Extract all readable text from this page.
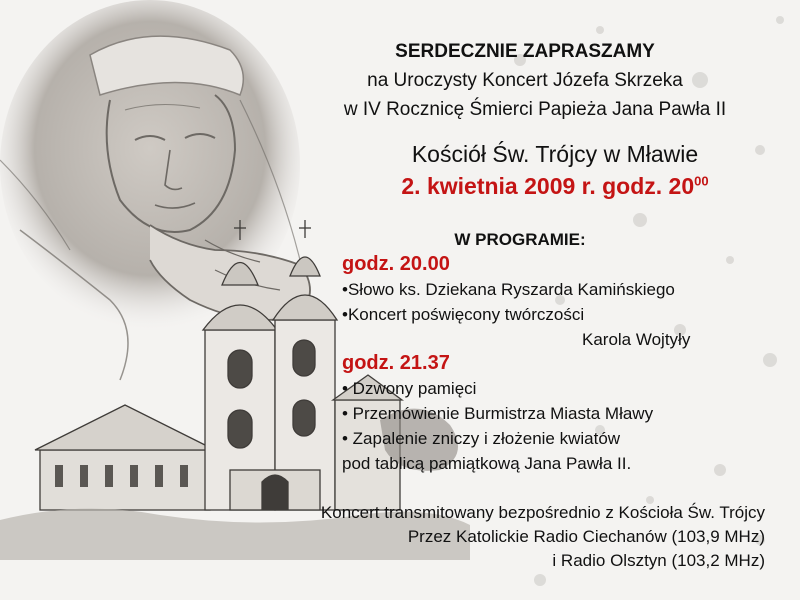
SERDECZNIE ZAPRASZAMY

na Uroczysty Koncert Józefa Skrzeka

w IV Rocznicę Śmierci Papieża Jana Pawła II

Kościół Św. Trójcy w Mławie

2. kwietnia 2009 r. godz. $20^{00}$

W PROGRAMIE:

godz. 20.00

•Słowo ks. Dziekana Ryszarda Kamińskiego

•Koncert poświęcony twórczości

Karola Wojtyły

godz. 21.37

• Dzwony pamięci

• Przemówienie Burmistrza Miasta Mławy

• Zapalenie zniczy i złożenie kwiatów

pod tablicą pamiątkową Jana Pawła II.

Koncert transmitowany bezpośrednio z Kościoła Św. Trójcy

Przez Katolickie Radio Ciechanów (103,9 MHz)

i Radio Olsztyn (103,2 MHz)
